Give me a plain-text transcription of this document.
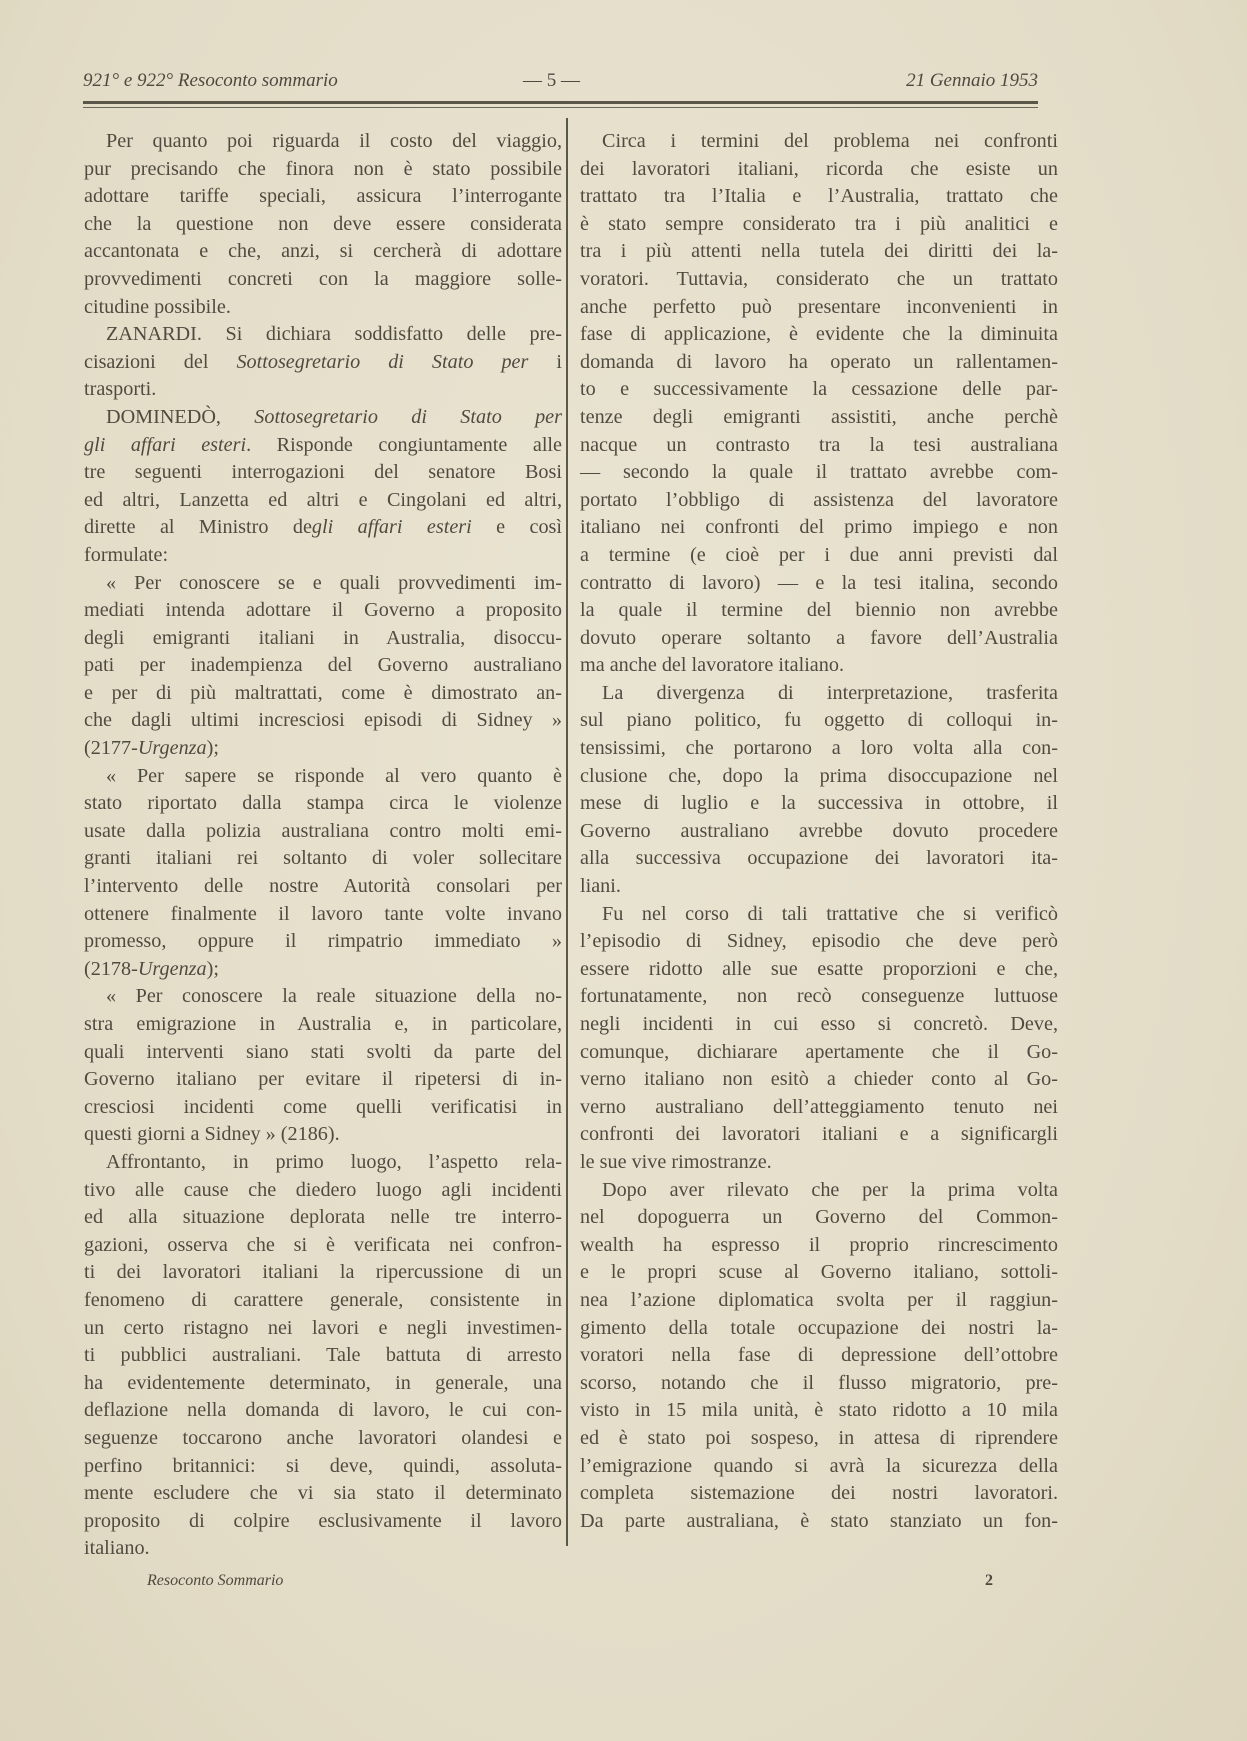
921° e 922° Resoconto sommario	— 5 —	21 Gennaio 1953
Per quanto poi riguarda il costo del viaggio,
pur precisando che finora non è stato possibile
adottare tariffe speciali, assicura l’interrogante
che la questione non deve essere considerata
accantonata e che, anzi, si cercherà di adottare
provvedimenti concreti con la maggiore solle-
citudine possibile.
ZANARDI. Si dichiara soddisfatto delle pre-
cisazioni del Sottosegretario di Stato per i
trasporti.
DOMINEDÒ, Sottosegretario di Stato per
gli affari esteri. Risponde congiuntamente alle
tre seguenti interrogazioni del senatore Bosi
ed altri, Lanzetta ed altri e Cingolani ed altri,
dirette al Ministro degli affari esteri e così
formulate:
« Per conoscere se e quali provvedimenti im-
mediati intenda adottare il Governo a proposito
degli emigranti italiani in Australia, disoccu-
pati per inadempienza del Governo australiano
e per di più maltrattati, come è dimostrato an-
che dagli ultimi incresciosi episodi di Sidney »
(2177-Urgenza);
« Per sapere se risponde al vero quanto è
stato riportato dalla stampa circa le violenze
usate dalla polizia australiana contro molti emi-
granti italiani rei soltanto di voler sollecitare
l’intervento delle nostre Autorità consolari per
ottenere finalmente il lavoro tante volte invano
promesso, oppure il rimpatrio immediato »
(2178-Urgenza);
« Per conoscere la reale situazione della no-
stra emigrazione in Australia e, in particolare,
quali interventi siano stati svolti da parte del
Governo italiano per evitare il ripetersi di in-
cresciosi incidenti come quelli verificatisi in
questi giorni a Sidney » (2186).
Affrontanto, in primo luogo, l’aspetto rela-
tivo alle cause che diedero luogo agli incidenti
ed alla situazione deplorata nelle tre interro-
gazioni, osserva che si è verificata nei confron-
ti dei lavoratori italiani la ripercussione di un
fenomeno di carattere generale, consistente in
un certo ristagno nei lavori e negli investimen-
ti pubblici australiani. Tale battuta di arresto
ha evidentemente determinato, in generale, una
deflazione nella domanda di lavoro, le cui con-
seguenze toccarono anche lavoratori olandesi e
perfino britannici: si deve, quindi, assoluta-
mente escludere che vi sia stato il determinato
proposito di colpire esclusivamente il lavoro
italiano.
Circa i termini del problema nei confronti
dei lavoratori italiani, ricorda che esiste un
trattato tra l’Italia e l’Australia, trattato che
è stato sempre considerato tra i più analitici e
tra i più attenti nella tutela dei diritti dei la-
voratori. Tuttavia, considerato che un trattato
anche perfetto può presentare inconvenienti in
fase di applicazione, è evidente che la diminuita
domanda di lavoro ha operato un rallentamen-
to e successivamente la cessazione delle par-
tenze degli emigranti assistiti, anche perchè
nacque un contrasto tra la tesi australiana
— secondo la quale il trattato avrebbe com-
portato l’obbligo di assistenza del lavoratore
italiano nei confronti del primo impiego e non
a termine (e cioè per i due anni previsti dal
contratto di lavoro) — e la tesi italina, secondo
la quale il termine del biennio non avrebbe
dovuto operare soltanto a favore dell’Australia
ma anche del lavoratore italiano.
La divergenza di interpretazione, trasferita
sul piano politico, fu oggetto di colloqui in-
tensissimi, che portarono a loro volta alla con-
clusione che, dopo la prima disoccupazione nel
mese di luglio e la successiva in ottobre, il
Governo australiano avrebbe dovuto procedere
alla successiva occupazione dei lavoratori ita-
liani.
Fu nel corso di tali trattative che si verificò
l’episodio di Sidney, episodio che deve però
essere ridotto alle sue esatte proporzioni e che,
fortunatamente, non recò conseguenze luttuose
negli incidenti in cui esso si concretò. Deve,
comunque, dichiarare apertamente che il Go-
verno italiano non esitò a chieder conto al Go-
verno australiano dell’atteggiamento tenuto nei
confronti dei lavoratori italiani e a significargli
le sue vive rimostranze.
Dopo aver rilevato che per la prima volta
nel dopoguerra un Governo del Common-
wealth ha espresso il proprio rincrescimento
e le propri scuse al Governo italiano, sottoli-
nea l’azione diplomatica svolta per il raggiun-
gimento della totale occupazione dei nostri la-
voratori nella fase di depressione dell’ottobre
scorso, notando che il flusso migratorio, pre-
visto in 15 mila unità, è stato ridotto a 10 mila
ed è stato poi sospeso, in attesa di riprendere
l’emigrazione quando si avrà la sicurezza della
completa sistemazione dei nostri lavoratori.
Da parte australiana, è stato stanziato un fon-
Resoconto Sommario	2
